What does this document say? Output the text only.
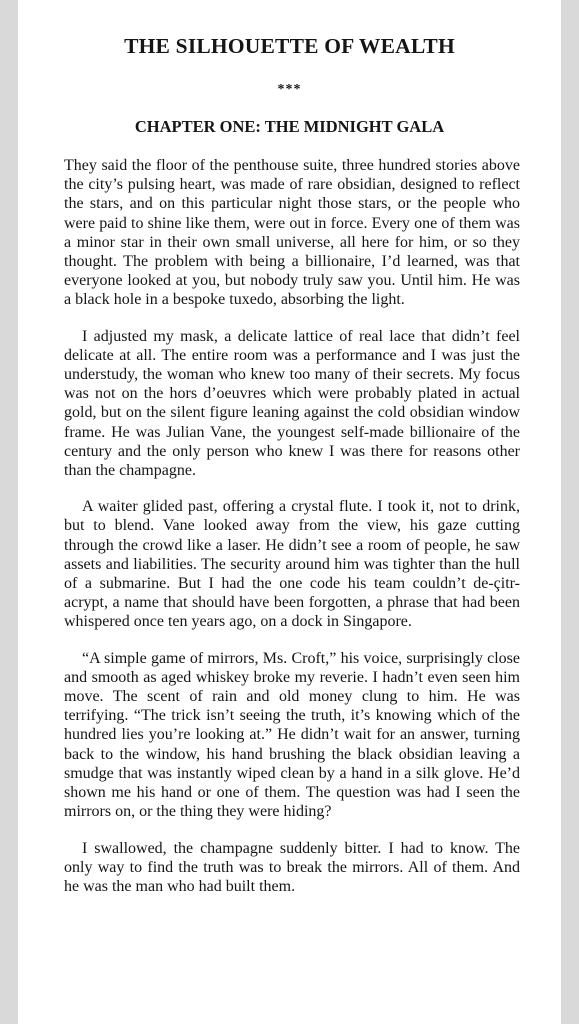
THE SILHOUETTE OF WEALTH
***
CHAPTER ONE: THE MIDNIGHT GALA

They said the floor of the penthouse suite, three hundred stories above the city’s pulsing heart, was made of rare obsidian, designed to reflect the stars, and on this particular night those stars, or the people who were paid to shine like them, were out in force. Every one of them was a minor star in their own small universe, all here for him, or so they thought. The problem with being a billionaire, I’d learned, was that everyone looked at you, but nobody truly saw you. Until him. He was a black hole in a bespoke tuxedo, absorbing the light.

I adjusted my mask, a delicate lattice of real lace that didn’t feel delicate at all. The entire room was a performance and I was just the understudy, the woman who knew too many of their secrets. My focus was not on the hors d’oeuvres which were probably plated in actual gold, but on the silent figure leaning against the cold obsidian window frame. He was Julian Vane, the youngest self-made billionaire of the century and the only person who knew I was there for reasons other than the champagne.

A waiter glided past, offering a crystal flute. I took it, not to drink, but to blend. Vane looked away from the view, his gaze cutting through the crowd like a laser. He didn’t see a room of people, he saw assets and liabilities. The security around him was tighter than the hull of a submarine. But I had the one code his team couldn’t de-çitr-acrypt, a name that should have been forgotten, a phrase that had been whispered once ten years ago, on a dock in Singapore.

“A simple game of mirrors, Ms. Croft,” his voice, surprisingly close and smooth as aged whiskey broke my reverie. I hadn’t even seen him move. The scent of rain and old money clung to him. He was terrifying. “The trick isn’t seeing the truth, it’s knowing which of the hundred lies you’re looking at.” He didn’t wait for an answer, turning back to the window, his hand brushing the black obsidian leaving a smudge that was instantly wiped clean by a hand in a silk glove. He’d shown me his hand or one of them. The question was had I seen the mirrors on, or the thing they were hiding?

I swallowed, the champagne suddenly bitter. I had to know. The only way to find the truth was to break the mirrors. All of them. And he was the man who had built them.
